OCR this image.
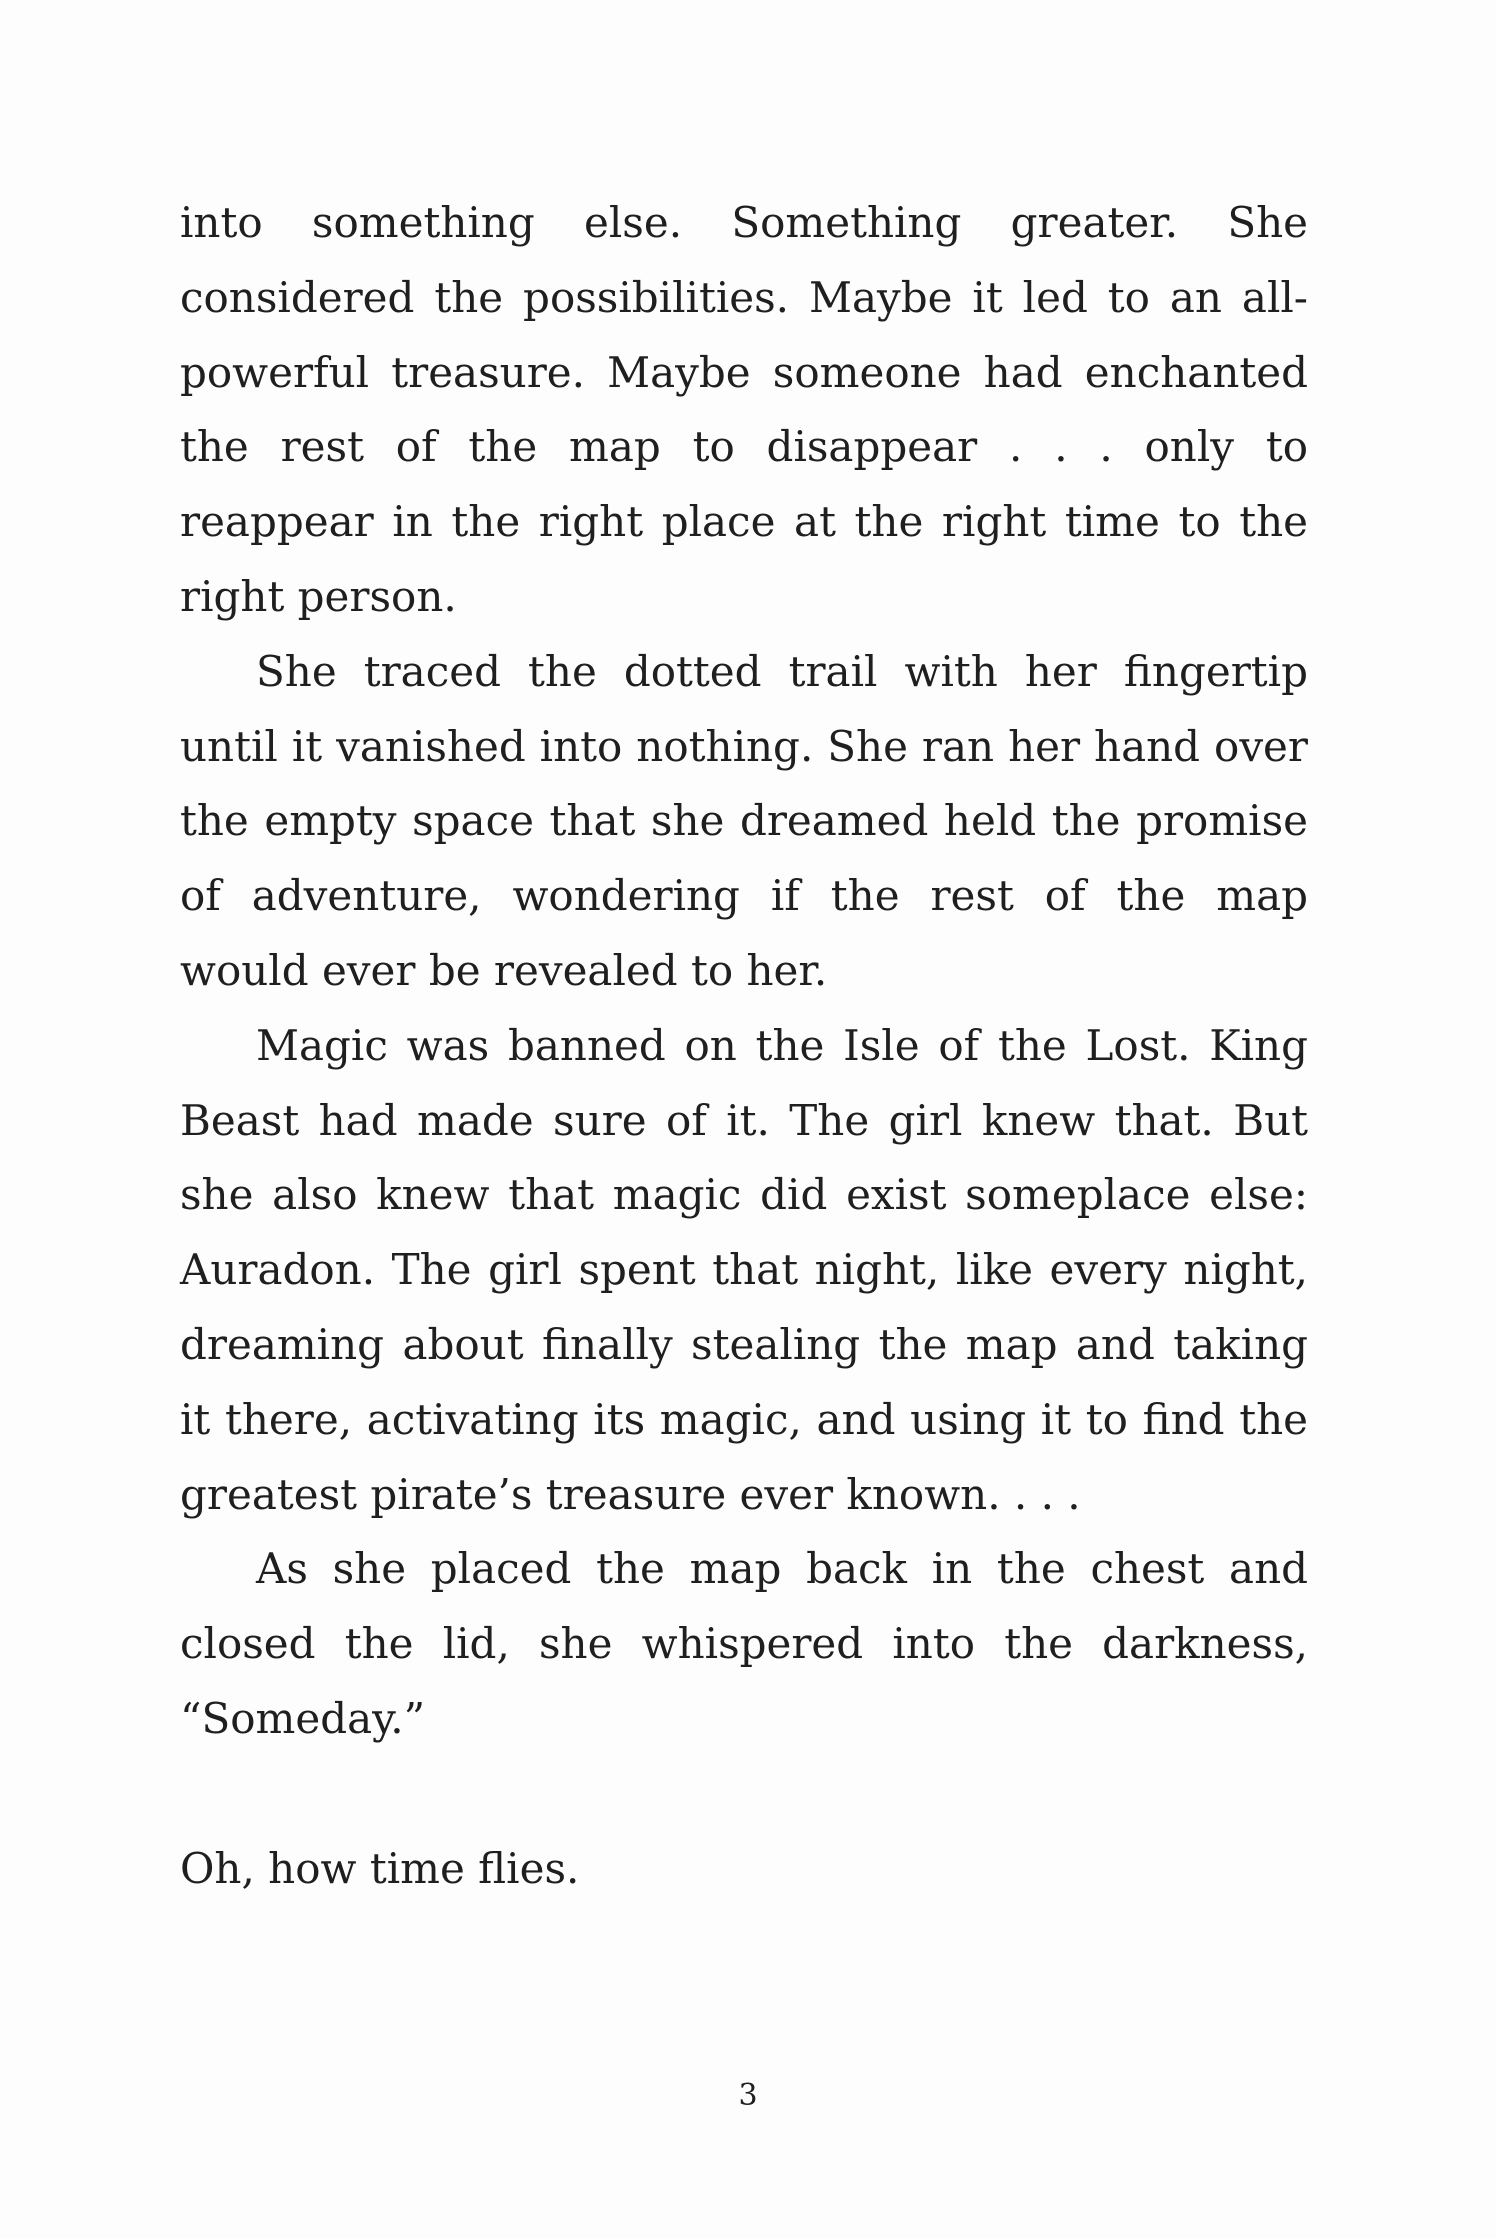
into something else. Something greater. She considered the possibilities. Maybe it led to an all-powerful treasure. Maybe someone had enchanted the rest of the map to disappear . . . only to reappear in the right place at the right time to the right person.

She traced the dotted trail with her fingertip until it vanished into nothing. She ran her hand over the empty space that she dreamed held the promise of adventure, wondering if the rest of the map would ever be revealed to her.

Magic was banned on the Isle of the Lost. King Beast had made sure of it. The girl knew that. But she also knew that magic did exist someplace else: Auradon. The girl spent that night, like every night, dreaming about finally stealing the map and taking it there, activating its magic, and using it to find the greatest pirate’s treasure ever known. . . .

As she placed the map back in the chest and closed the lid, she whispered into the darkness, “Someday.”

Oh, how time flies.

3
